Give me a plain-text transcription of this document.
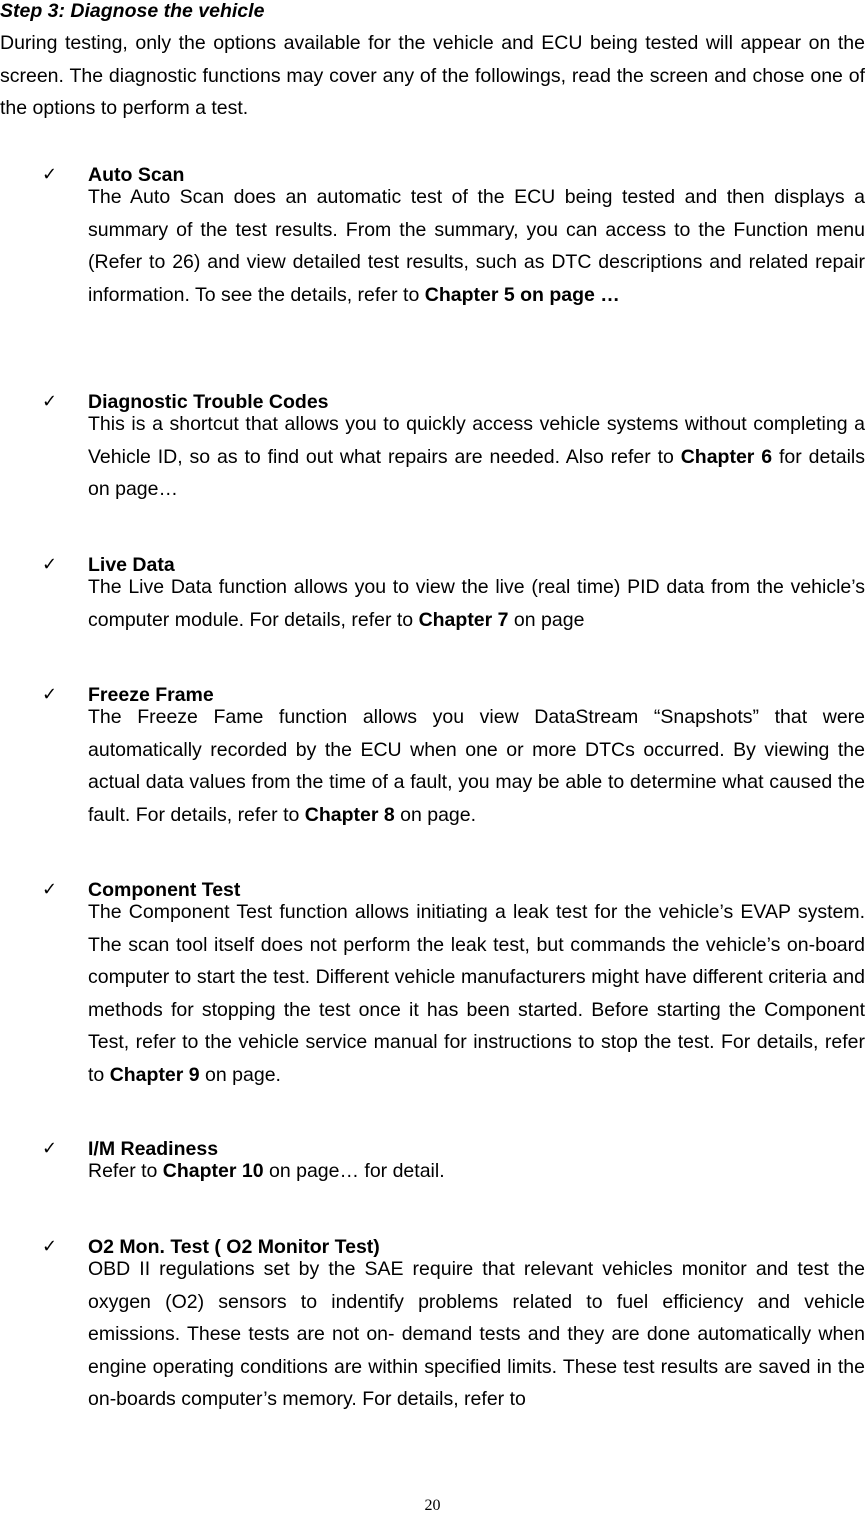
Step 3: Diagnose the vehicle

During testing, only the options available for the vehicle and ECU being tested will appear on the screen. The diagnostic functions may cover any of the followings, read the screen and chose one of the options to perform a test.

✓ Auto Scan

The Auto Scan does an automatic test of the ECU being tested and then displays a summary of the test results. From the summary, you can access to the Function menu (Refer to 26) and view detailed test results, such as DTC descriptions and related repair information. To see the details, refer to Chapter 5 on page …

✓ Diagnostic Trouble Codes

This is a shortcut that allows you to quickly access vehicle systems without completing a Vehicle ID, so as to find out what repairs are needed. Also refer to Chapter 6 for details on page…

✓ Live Data

The Live Data function allows you to view the live (real time) PID data from the vehicle’s computer module. For details, refer to Chapter 7 on page

✓ Freeze Frame

The Freeze Fame function allows you view DataStream “Snapshots” that were automatically recorded by the ECU when one or more DTCs occurred. By viewing the actual data values from the time of a fault, you may be able to determine what caused the fault. For details, refer to Chapter 8 on page.

✓ Component Test

The Component Test function allows initiating a leak test for the vehicle’s EVAP system. The scan tool itself does not perform the leak test, but commands the vehicle’s on-board computer to start the test. Different vehicle manufacturers might have different criteria and methods for stopping the test once it has been started. Before starting the Component Test, refer to the vehicle service manual for instructions to stop the test. For details, refer to Chapter 9 on page.

✓ I/M Readiness

Refer to Chapter 10 on page… for detail.

✓ O2 Mon. Test ( O2 Monitor Test)

OBD II regulations set by the SAE require that relevant vehicles monitor and test the oxygen (O2) sensors to indentify problems related to fuel efficiency and vehicle emissions. These tests are not on- demand tests and they are done automatically when engine operating conditions are within specified limits. These test results are saved in the on-boards computer’s memory. For details, refer to

20
